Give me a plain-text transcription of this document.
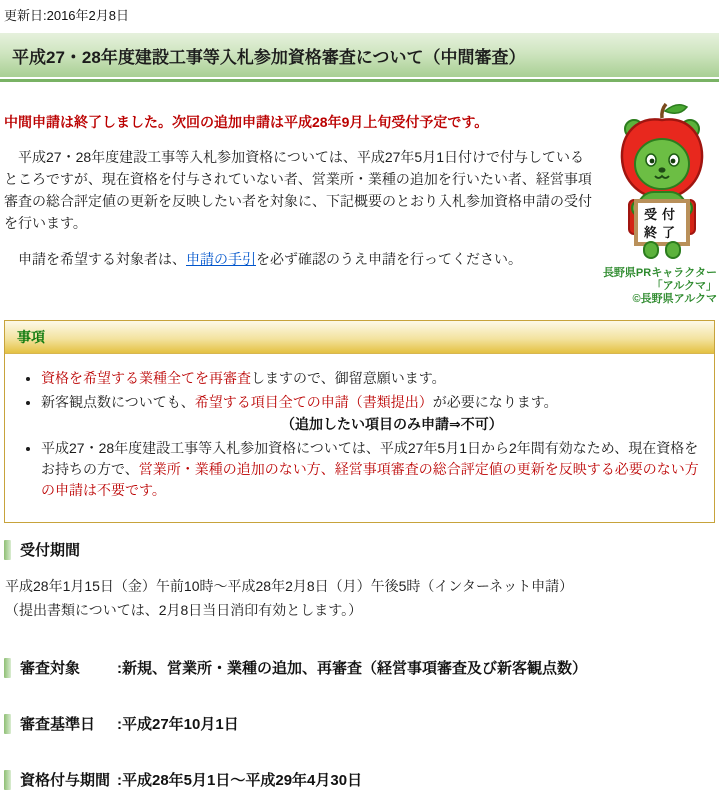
更新日:2016年2月8日
平成27・28年度建設工事等入札参加資格審査について（中間審査）

中間申請は終了しました。次回の追加申請は平成28年9月上旬受付予定です。

　平成27・28年度建設工事等入札参加資格については、平成27年5月1日付けで付与しているところですが、現在資格を付与されていない者、営業所・業種の追加を行いたい者、経営事項審査の総合評定値の更新を反映したい者を対象に、下記概要のとおり入札参加資格申請の受付を行います。

　申請を希望する対象者は、申請の手引を必ず確認のうえ申請を行ってください。

受付
終了
長野県PRキャラクター
「アルクマ」
©長野県アルクマ
事項
• 資格を希望する業種全てを再審査しますので、御留意願います。
• 新客観点数についても、希望する項目全ての申請（書類提出）が必要になります。
（追加したい項目のみ申請⇒不可）
• 平成27・28年度建設工事等入札参加資格については、平成27年5月1日から2年間有効なため、現在資格をお持ちの方で、営業所・業種の追加のない方、経営事項審査の総合評定値の更新を反映する必要のない方の申請は不要です。
受付期間
平成28年1月15日（金）午前10時～平成28年2月8日（月）午後5時（インターネット申請）
（提出書類については、2月8日当日消印有効とします。）
審査対象	:新規、営業所・業種の追加、再審査（経営事項審査及び新客観点数）
審査基準日	:平成27年10月1日
資格付与期間 :平成28年5月1日～平成29年4月30日
